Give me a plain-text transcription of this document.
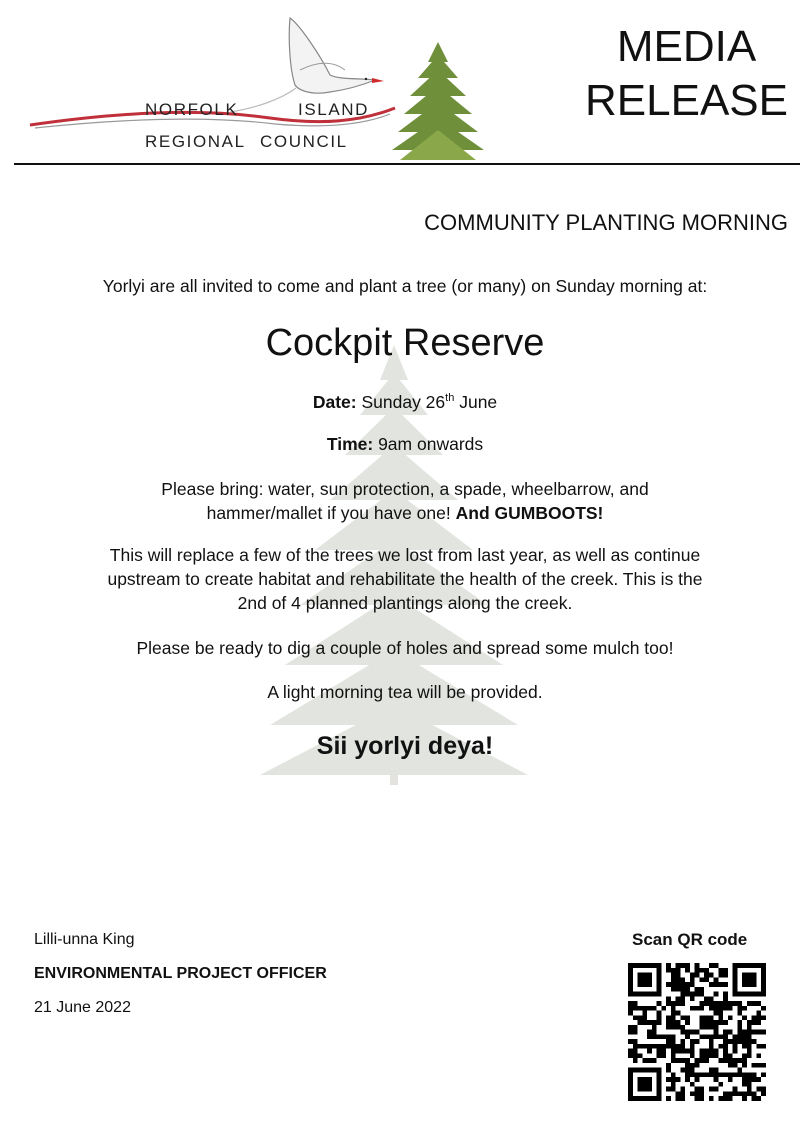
NORFOLK	ISLAND
REGIONAL COUNCIL
MEDIA
RELEASE
COMMUNITY PLANTING MORNING
Yorlyi are all invited to come and plant a tree (or many) on Sunday morning at:
Cockpit Reserve
Date: Sunday 26th June
Time: 9am onwards
Please bring: water, sun protection, a spade, wheelbarrow, and
hammer/mallet if you have one! And GUMBOOTS!
This will replace a few of the trees we lost from last year, as well as continue
upstream to create habitat and rehabilitate the health of the creek. This is the
2nd of 4 planned plantings along the creek.
Please be ready to dig a couple of holes and spread some mulch too!
A light morning tea will be provided.
Sii yorlyi deya!
Lilli-unna King
ENVIRONMENTAL PROJECT OFFICER
21 June 2022
Scan QR code
